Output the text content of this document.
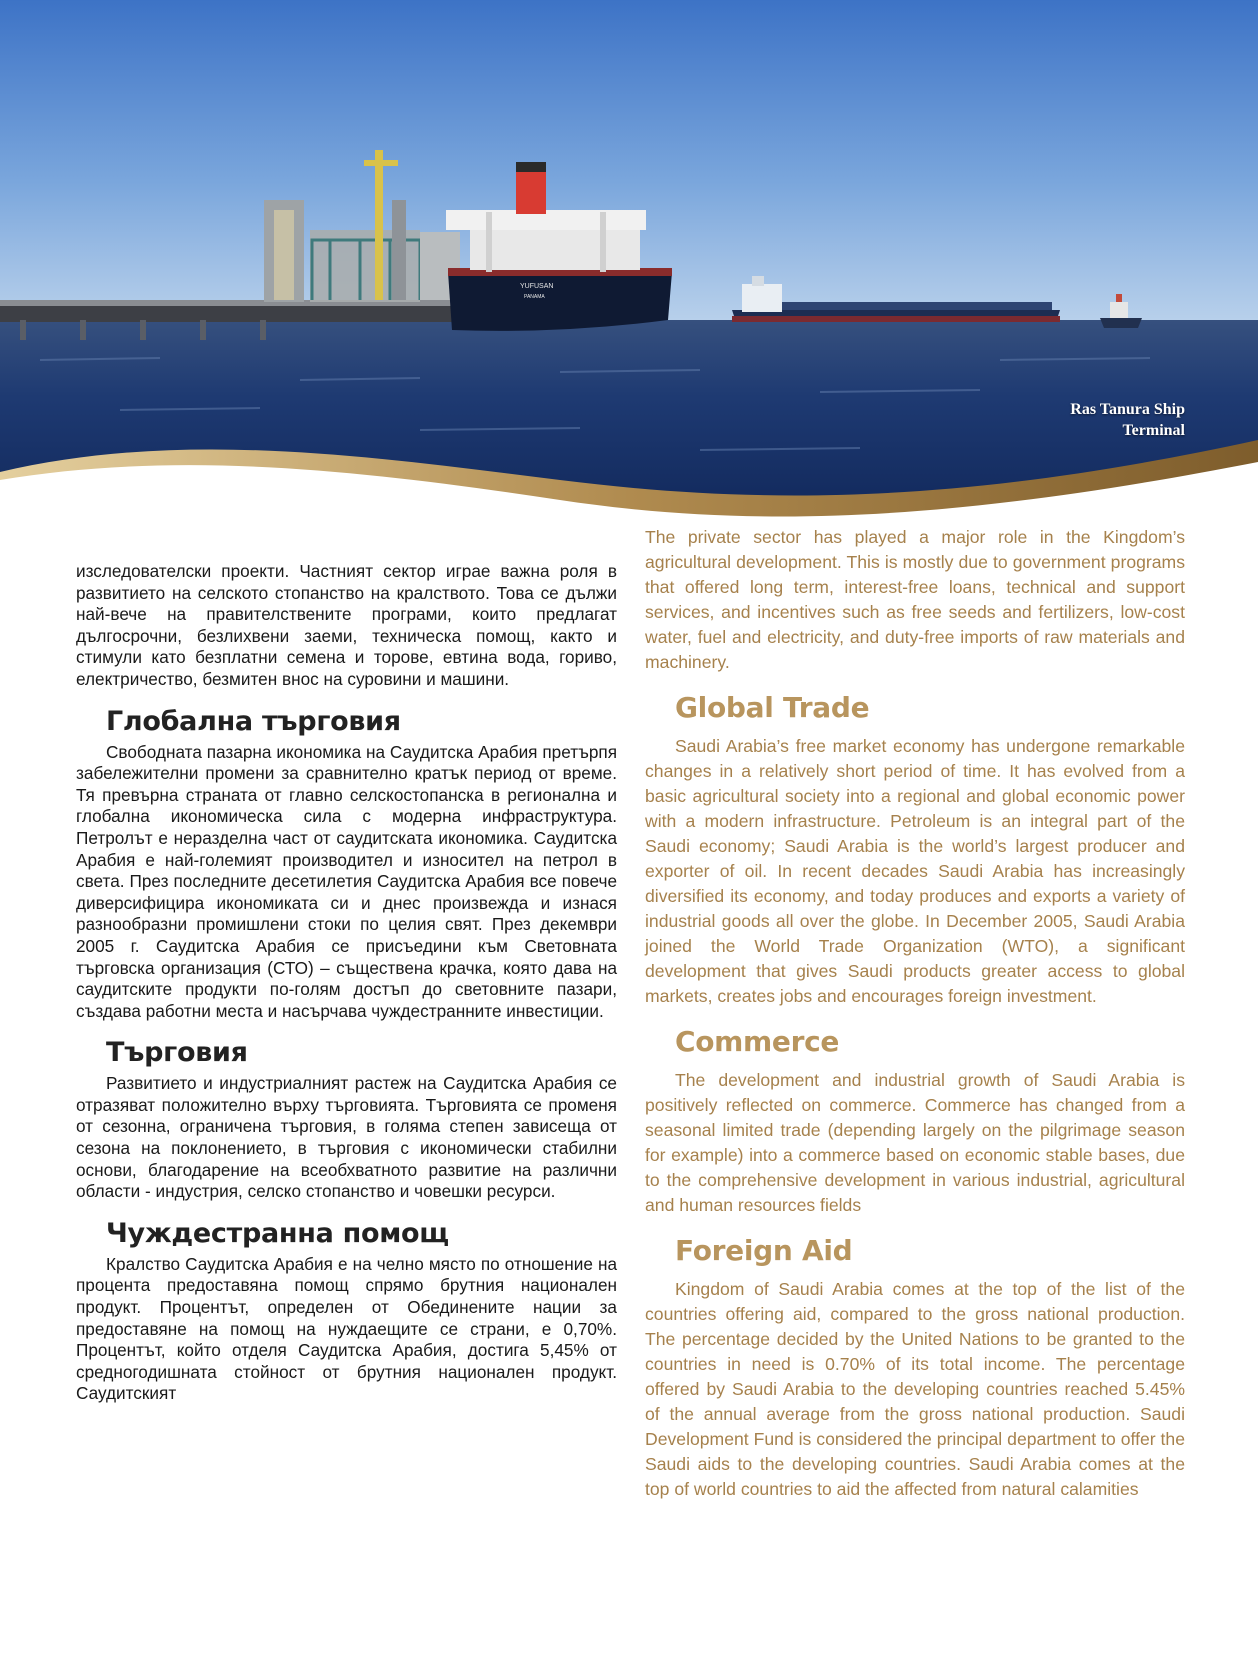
YUFUSAN
PANAMA
Ras Tanura Ship
Terminal

изследователски проекти. Частният сектор играе важна роля в развитието на селското стопанство на кралството. Това се дължи най-вече на правителствените програми, които предлагат дългосрочни, безлихвени заеми, техническа помощ, както и стимули като безплатни семена и торове, евтина вода, гориво, електричество, безмитен внос на суровини и машини.

Глобална търговия

Свободната пазарна икономика на Саудитска Арабия претърпя забележителни промени за сравнително кратък период от време. Тя превърна страната от главно селскостопанска в регионална и глобална икономическа сила с модерна инфраструктура. Петролът е неразделна част от саудитската икономика. Саудитска Арабия е най-големият производител и износител на петрол в света. През последните десетилетия Саудитска Арабия все повече диверсифицира икономиката си и днес произвежда и изнася разнообразни промишлени стоки по целия свят. През декември 2005 г. Саудитска Арабия се присъедини към Световната търговска организация (СТО) – съществена крачка, която дава на саудитските продукти по-голям достъп до световните пазари, създава работни места и насърчава чуждестранните инвестиции.

Търговия

Развитието и индустриалният растеж на Саудитска Арабия се отразяват положително върху търговията. Търговията се променя от сезонна, ограничена търговия, в голяма степен зависеща от сезона на поклонението, в търговия с икономически стабилни основи, благодарение на всеобхватното развитие на различни области - индустрия, селско стопанство и човешки ресурси.

Чуждестранна помощ

Кралство Саудитска Арабия е на челно място по отношение на процента предоставяна помощ спрямо брутния национален продукт. Процентът, определен от Обединените нации за предоставяне на помощ на нуждаещите се страни, е 0,70%. Процентът, който отделя Саудитска Арабия, достига 5,45% от средногодишната стойност от брутния национален продукт. Саудитският

The private sector has played a major role in the Kingdom’s agricultural development. This is mostly due to government programs that offered long term, interest-free loans, technical and support services, and incentives such as free seeds and fertilizers, low-cost water, fuel and electricity, and duty-free imports of raw materials and machinery.

Global Trade

Saudi Arabia’s free market economy has undergone remarkable changes in a relatively short period of time. It has evolved from a basic agricultural society into a regional and global economic power with a modern infrastructure. Petroleum is an integral part of the Saudi economy; Saudi Arabia is the world’s largest producer and exporter of oil. In recent decades Saudi Arabia has increasingly diversified its economy, and today produces and exports a variety of industrial goods all over the globe. In December 2005, Saudi Arabia joined the World Trade Organization (WTO), a significant development that gives Saudi products greater access to global markets, creates jobs and encourages foreign investment.

Commerce

The development and industrial growth of Saudi Arabia is positively reflected on commerce. Commerce has changed from a seasonal limited trade (depending largely on the pilgrimage season for example) into a commerce based on economic stable bases, due to the comprehensive development in various industrial, agricultural and human resources fields

Foreign Aid

Kingdom of Saudi Arabia comes at the top of the list of the countries offering aid, compared to the gross national production. The percentage decided by the United Nations to be granted to the countries in need is 0.70% of its total income. The percentage offered by Saudi Arabia to the developing countries reached 5.45% of the annual average from the gross national production. Saudi Development Fund is considered the principal department to offer the Saudi aids to the developing countries. Saudi Arabia comes at the top of world countries to aid the affected from natural calamities
